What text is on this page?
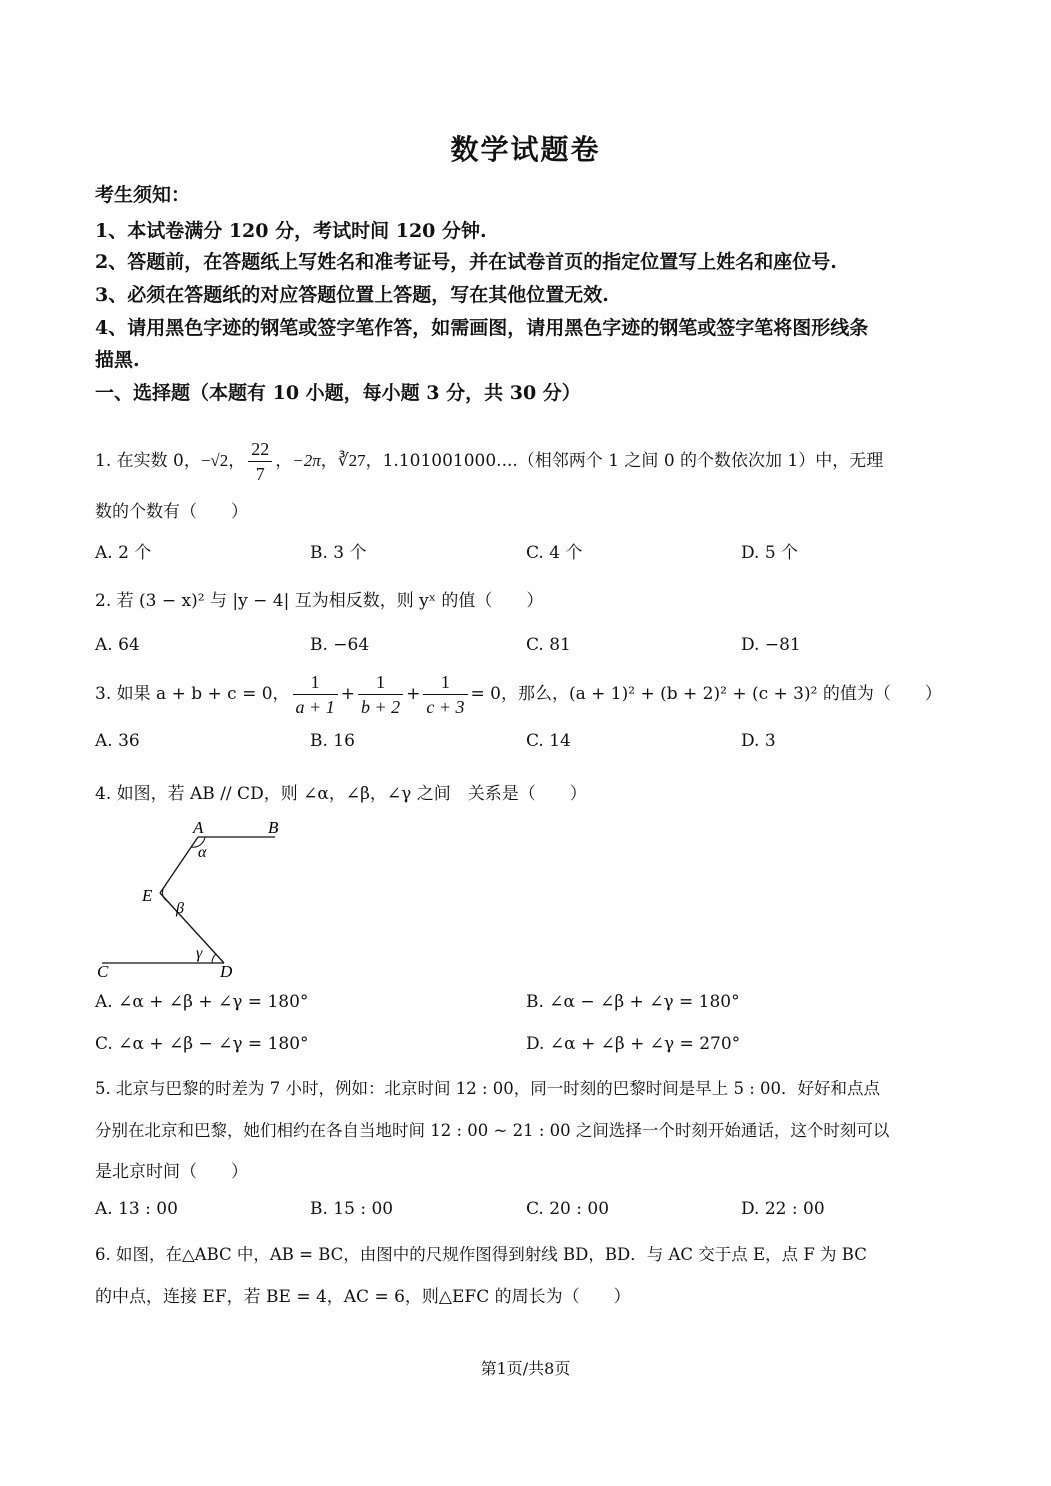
数学试题卷
考生须知：
1、本试卷满分 120 分，考试时间 120 分钟.
2、答题前，在答题纸上写姓名和准考证号，并在试卷首页的指定位置写上姓名和座位号.
3、必须在答题纸的对应答题位置上答题，写在其他位置无效.
4、请用黑色字迹的钢笔或签字笔作答，如需画图，请用黑色字迹的钢笔或签字笔将图形线条
描黑.
一、选择题（本题有 10 小题，每小题 3 分，共 30 分）
1. 在实数 0，−√2， $\frac{22}{7}$ ，−2π，∛27，1.101001000....（相邻两个 1 之间 0 的个数依次加 1）中，无理
数的个数有（　　）
A. 2 个	B. 3 个	C. 4 个	D. 5 个
2. 若 (3 − x)² 与 |y − 4| 互为相反数，则 yˣ 的值（　　）
A. 64	B. −64	C. 81	D. −81
3. 如果 a + b + c = 0， $\frac{1}{a + 1} + \frac{1}{b + 2} + \frac{1}{c + 3} = 0$，那么，(a + 1)² + (b + 2)² + (c + 3)² 的值为（　　）
A. 36	B. 16	C. 14	D. 3
4. 如图，若 AB // CD，则 ∠α，∠β，∠γ 之间　关系是（　　）
A	B
E
C	D
α
β
γ
A. ∠α + ∠β + ∠γ = 180°	B. ∠α − ∠β + ∠γ = 180°
C. ∠α + ∠β − ∠γ = 180°	D. ∠α + ∠β + ∠γ = 270°
5. 北京与巴黎的时差为 7 小时，例如：北京时间 12 : 00，同一时刻的巴黎时间是早上 5 : 00．好好和点点
分别在北京和巴黎，她们相约在各自当地时间 12 : 00 ~ 21 : 00 之间选择一个时刻开始通话，这个时刻可以
是北京时间（　　）
A. 13 : 00	B. 15 : 00	C. 20 : 00	D. 22 : 00
6. 如图，在△ABC 中，AB = BC，由图中的尺规作图得到射线 BD，BD．与 AC 交于点 E，点 F 为 BC
的中点，连接 EF，若 BE = 4，AC = 6，则△EFC 的周长为（　　）
第1页/共8页
